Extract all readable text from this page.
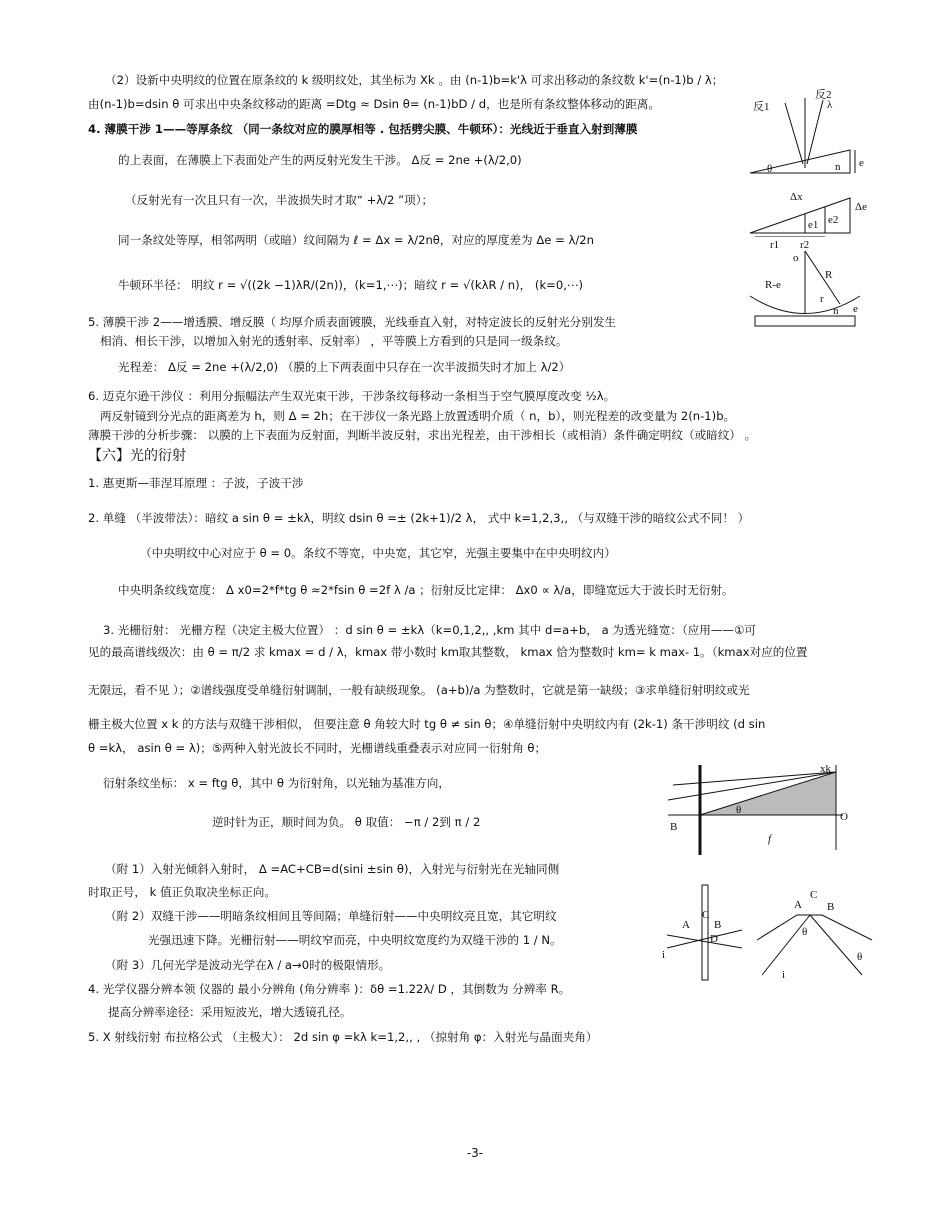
（2）设新中央明纹的位置在原条纹的 k 级明纹处，其坐标为 Xk 。由 (n-1)b=k'λ 可求出移动的条纹数 k'=(n-1)b / λ；
由(n-1)b=dsin θ 可求出中央条纹移动的距离 =Dtg ≈ Dsin θ= (n-1)bD / d，也是所有条纹整体移动的距离。
4. 薄膜干涉 1——等厚条纹 （同一条纹对应的膜厚相等 . 包括劈尖膜、牛顿环）：光线近于垂直入射到薄膜
的上表面，在薄膜上下表面处产生的两反射光发生干涉。 Δ反 = 2ne +(λ/2,0)
（反射光有一次且只有一次，半波损失时才取“ +λ/2 ”项）；
同一条纹处等厚，相邻两明（或暗）纹间隔为 ℓ = Δx = λ/2nθ，对应的厚度差为 Δe = λ/2n
牛顿环半径： 明纹 r = √((2k −1)λR/(2n))，(k=1,⋯)；暗纹 r = √(kλR / n)， (k=0,⋯)
5. 薄膜干涉 2——增透膜、增反膜（ 均厚介质表面镀膜，光线垂直入射，对特定波长的反射光分别发生
相消、相长干涉，以增加入射光的透射率、反射率） ，平等膜上方看到的只是同一级条纹。
光程差： Δ反 = 2ne +(λ/2,0) （膜的上下两表面中只存在一次半波损失时才加上 λ/2）
6. 迈克尔逊干涉仪 ：利用分振幅法产生双光束干涉，干涉条纹每移动一条相当于空气膜厚度改变 ½λ。
两反射镜到分光点的距离差为 h，则 Δ = 2h；在干涉仪一条光路上放置透明介质（ n，b），则光程差的改变量为 2(n-1)b。
薄膜干涉的分析步骤： 以膜的上下表面为反射面，判断半波反射，求出光程差，由干涉相长（或相消）条件确定明纹（或暗纹） 。
【六】光的衍射
1. 惠更斯—菲涅耳原理 ：子波，子波干涉
2. 单缝 （半波带法）：暗纹 a sin θ = ±kλ，明纹 dsin θ =± (2k+1)/2 λ， 式中 k=1,2,3,, （与双缝干涉的暗纹公式不同！ ）
（中央明纹中心对应于 θ = 0。条纹不等宽，中央宽，其它窄，光强主要集中在中央明纹内）
中央明条纹线宽度： Δ x0=2*f*tg θ ≈2*fsin θ =2f λ /a ；衍射反比定律： Δx0 ∝ λ/a，即缝宽远大于波长时无衍射。
3. 光栅衍射： 光栅方程（决定主极大位置） ：d sin θ = ±kλ（k=0,1,2,, ,km 其中 d=a+b， a 为透光缝宽：（应用——①可
见的最高谱线级次：由 θ = π/2 求 kmax = d / λ，kmax 带小数时 km取其整数， kmax 恰为整数时 km= k max- 1。（kmax对应的位置
无限远，看不见 ）；②谱线强度受单缝衍射调制，一般有缺级现象。 (a+b)/a 为整数时，它就是第一缺级；③求单缝衍射明纹或光
栅主极大位置 x k 的方法与双缝干涉相似， 但要注意 θ 角较大时 tg θ ≠ sin θ；④单缝衍射中央明纹内有 (2k-1) 条干涉明纹 (d sin
θ =kλ， asin θ = λ)；⑤两种入射光波长不同时，光栅谱线重叠表示对应同一衍射角 θ；
衍射条纹坐标： x = ftg θ，其中 θ 为衍射角，以光轴为基准方向，
逆时针为正，顺时间为负。 θ 取值： −π / 2到 π / 2
（附 1）入射光倾斜入射时， Δ =AC+CB=d(sini ±sin θ)，入射光与衍射光在光轴同侧
时取正号， k 值正负取决坐标正向。
（附 2）双缝干涉——明暗条纹相间且等间隔；单缝衍射——中央明纹亮且宽，其它明纹
光强迅速下降。光栅衍射——明纹窄而亮，中央明纹宽度约为双缝干涉的 1 / N。
（附 3）几何光学是波动光学在λ / a→0时的极限情形。
4. 光学仪器分辨本领 仪器的 最小分辨角 (角分辨率 )：δθ =1.22λ/ D ，其倒数为 分辨率 R。
提高分辨率途径：采用短波光，增大透镜孔径。
5. X 射线衍射 布拉格公式 （主极大）： 2d sin φ =kλ k=1,2,, , （掠射角 φ：入射光与晶面夹角）
-3-
反1
反2
λ
θ	n e
Δx
Δe
e1 e2
r1 r2
o
R
R-e
r
n e
xk
θ
O
f
B
A
C
B
i
D
A
C
B
i
θ
θ
